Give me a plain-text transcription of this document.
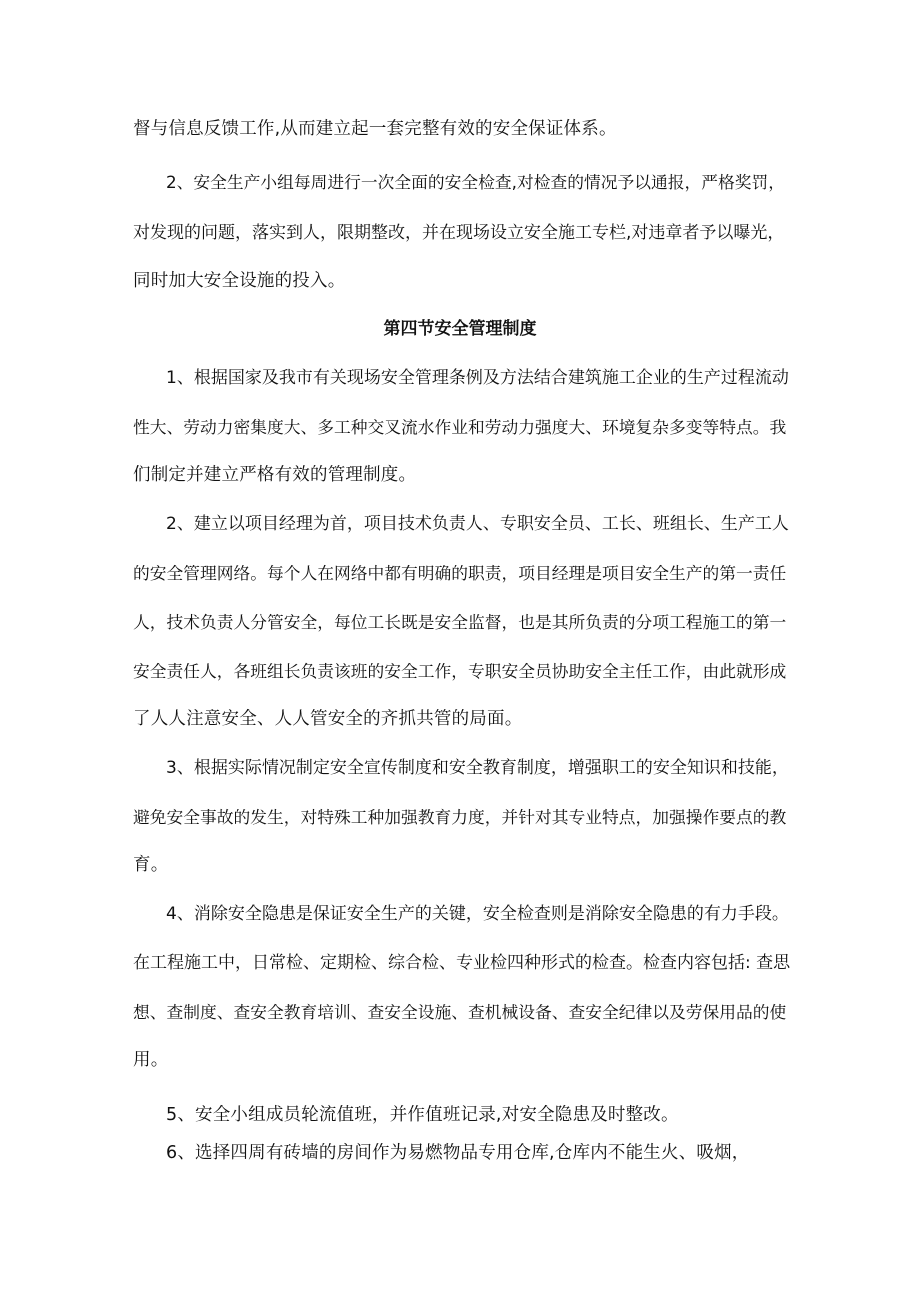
督与信息反馈工作,从而建立起一套完整有效的安全保证体系。
2、安全生产小组每周进行一次全面的安全检查,对检查的情况予以通报，严格奖罚，
对发现的问题，落实到人，限期整改，并在现场设立安全施工专栏,对违章者予以曝光，
同时加大安全设施的投入。
第四节安全管理制度
1、根据国家及我市有关现场安全管理条例及方法结合建筑施工企业的生产过程流动
性大、劳动力密集度大、多工种交叉流水作业和劳动力强度大、环境复杂多变等特点。我
们制定并建立严格有效的管理制度。
2、建立以项目经理为首，项目技术负责人、专职安全员、工长、班组长、生产工人
的安全管理网络。每个人在网络中都有明确的职责，项目经理是项目安全生产的第一责任
人，技术负责人分管安全，每位工长既是安全监督，也是其所负责的分项工程施工的第一
安全责任人，各班组长负责该班的安全工作，专职安全员协助安全主任工作，由此就形成
了人人注意安全、人人管安全的齐抓共管的局面。
3、根据实际情况制定安全宣传制度和安全教育制度，增强职工的安全知识和技能，
避免安全事故的发生，对特殊工种加强教育力度，并针对其专业特点，加强操作要点的教
育。
4、消除安全隐患是保证安全生产的关键，安全检查则是消除安全隐患的有力手段。
在工程施工中，日常检、定期检、综合检、专业检四种形式的检查。检查内容包括: 查思
想、查制度、查安全教育培训、查安全设施、查机械设备、查安全纪律以及劳保用品的使
用。
5、安全小组成员轮流值班，并作值班记录,对安全隐患及时整改。
6、选择四周有砖墙的房间作为易燃物品专用仓库,仓库内不能生火、吸烟，
